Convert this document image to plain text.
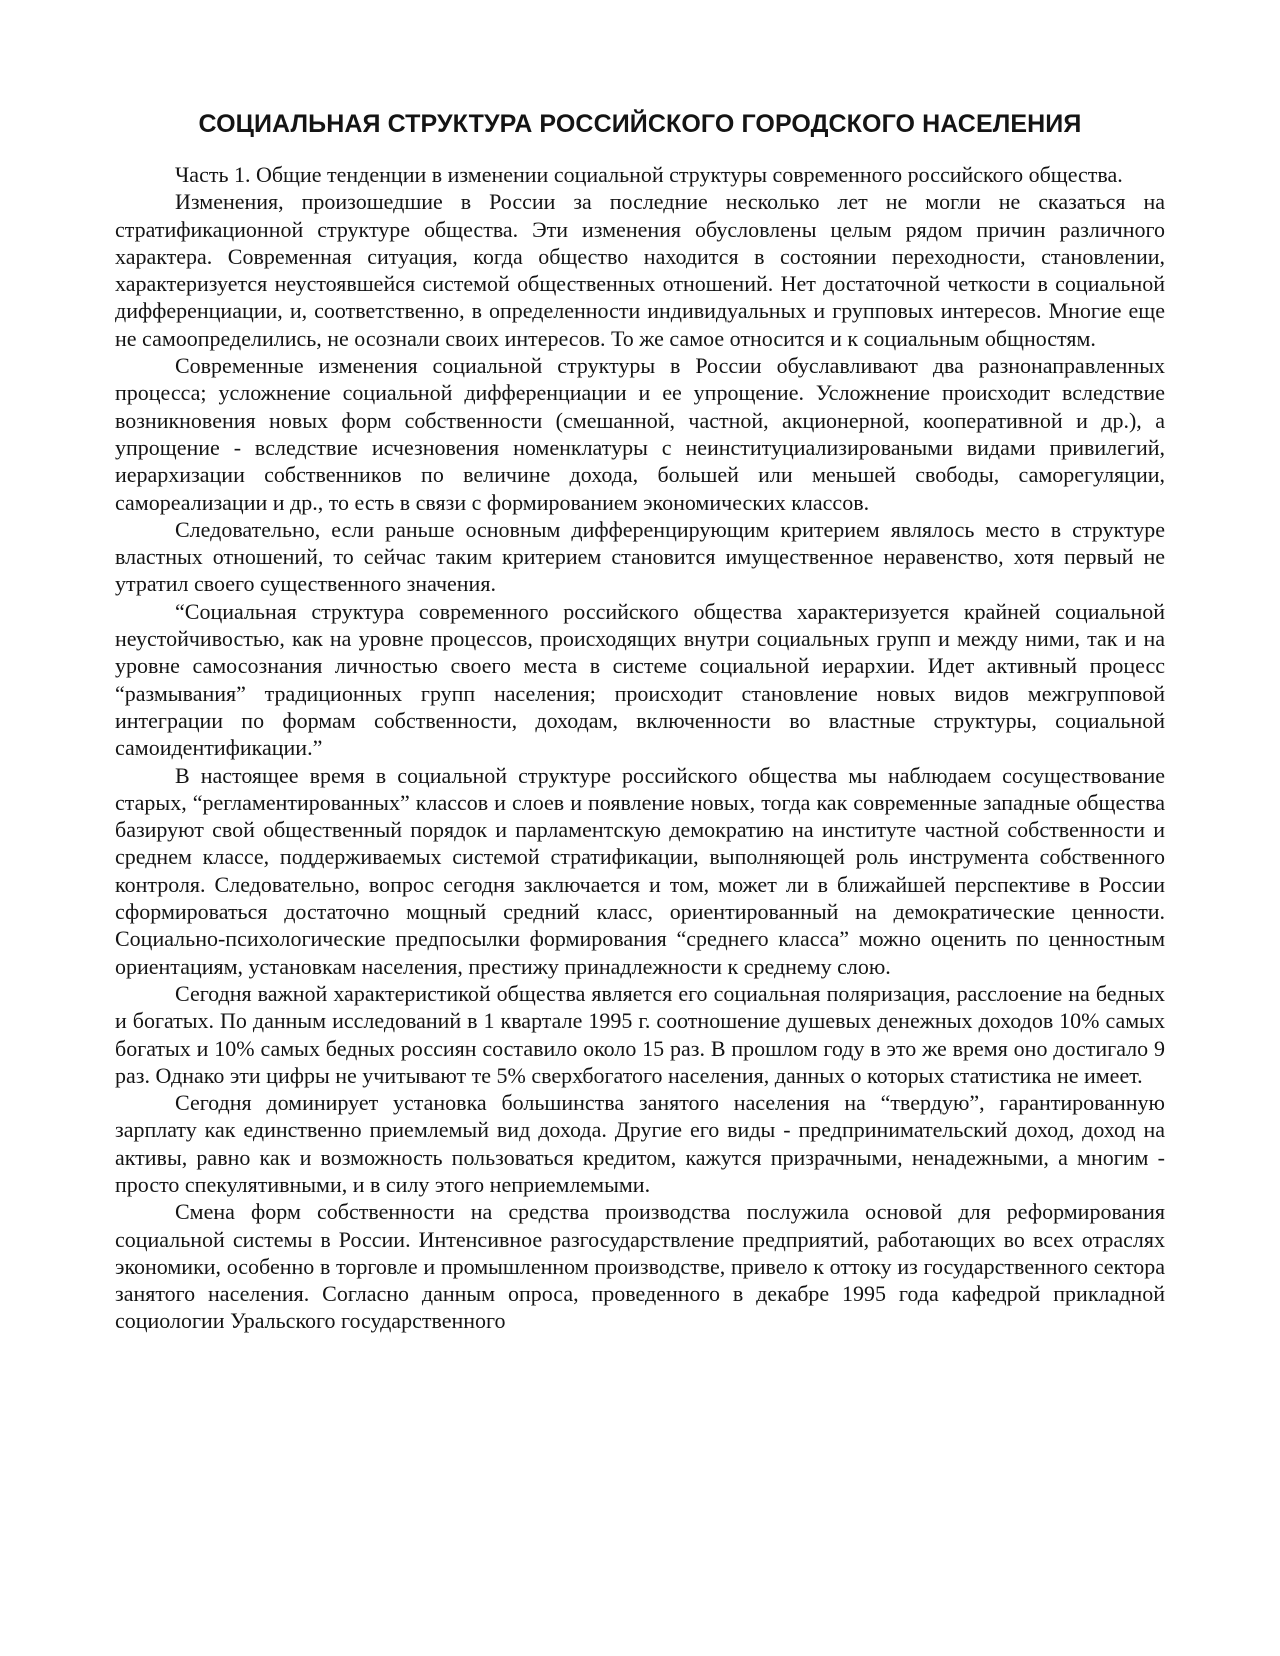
СОЦИАЛЬНАЯ СТРУКТУРА РОССИЙСКОГО ГОРОДСКОГО НАСЕЛЕНИЯ

Часть 1. Общие тенденции в изменении социальной структуры современного российского общества.

Изменения, произошедшие в России за последние несколько лет не могли не сказаться на стратификационной структуре общества. Эти изменения обусловлены целым рядом причин различного характера. Современная ситуация, когда общество находится в состоянии переходности, становлении, характеризуется неустоявшейся системой общественных отношений. Нет достаточной четкости в социальной дифференциации, и, соответственно, в определенности индивидуальных и групповых интересов. Многие еще не самоопределились, не осознали своих интересов. То же самое относится и к социальным общностям.

Современные изменения социальной структуры в России обуславливают два разнонаправленных процесса; усложнение социальной дифференциации и ее упрощение. Усложнение происходит вследствие возникновения новых форм собственности (смешанной, частной, акционерной, кооперативной и др.), а упрощение - вследствие исчезновения номенклатуры с неинституциализироваными видами привилегий, иерархизации собственников по величине дохода, большей или меньшей свободы, саморегуляции, самореализации и др., то есть в связи с формированием экономических классов.

Следовательно, если раньше основным дифференцирующим критерием являлось место в структуре властных отношений, то сейчас таким критерием становится имущественное неравенство, хотя первый не утратил своего существенного значения.

“Социальная структура современного российского общества характеризуется крайней социальной неустойчивостью, как на уровне процессов, происходящих внутри социальных групп и между ними, так и на уровне самосознания личностью своего места в системе социальной иерархии. Идет активный процесс “размывания” традиционных групп населения; происходит становление новых видов межгрупповой интеграции по формам собственности, доходам, включенности во властные структуры, социальной самоидентификации.”

В настоящее время в социальной структуре российского общества мы наблюдаем сосуществование старых, “регламентированных” классов и слоев и появление новых, тогда как современные западные общества базируют свой общественный порядок и парламентскую демократию на институте частной собственности и среднем классе, поддерживаемых системой стратификации, выполняющей роль инструмента собственного контроля. Следовательно, вопрос сегодня заключается и том, может ли в ближайшей перспективе в России сформироваться достаточно мощный средний класс, ориентированный на демократические ценности. Социально-психологические предпосылки формирования “среднего класса” можно оценить по ценностным ориентациям, установкам населения, престижу принадлежности к среднему слою.

Сегодня важной характеристикой общества является его социальная поляризация, расслоение на бедных и богатых. По данным исследований в 1 квартале 1995 г. соотношение душевых денежных доходов 10% самых богатых и 10% самых бедных россиян составило около 15 раз. В прошлом году в это же время оно достигало 9 раз. Однако эти цифры не учитывают те 5% сверхбогатого населения, данных о которых статистика не имеет.

Сегодня доминирует установка большинства занятого населения на “твердую”, гарантированную зарплату как единственно приемлемый вид дохода. Другие его виды - предпринимательский доход, доход на активы, равно как и возможность пользоваться кредитом, кажутся призрачными, ненадежными, а многим - просто спекулятивными, и в силу этого неприемлемыми.

Смена форм собственности на средства производства послужила основой для реформирования социальной системы в России. Интенсивное разгосударствление предприятий, работающих во всех отраслях экономики, особенно в торговле и промышленном производстве, привело к оттоку из государственного сектора занятого населения. Согласно данным опроса, проведенного в декабре 1995 года кафедрой прикладной социологии Уральского государственного
